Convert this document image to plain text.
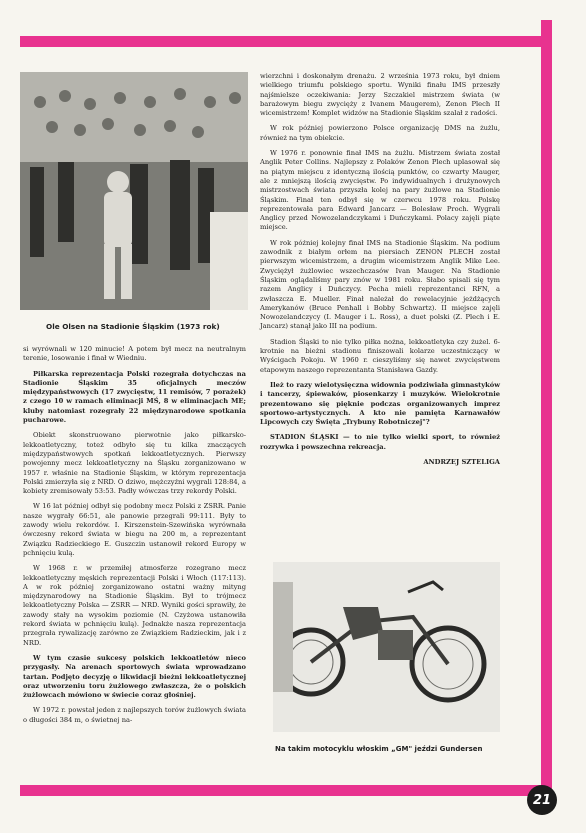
Ole Olsen na Stadionie Śląskim (1973 rok)

si wyrównali w 120 minucie! A potem był mecz na neutralnym terenie, losowanie i finał w Wiedniu.

Piłkarska reprezentacja Polski rozegrała dotychczas na Stadionie Śląskim 35 oficjalnych meczów międzypaństwowych (17 zwycięstw, 11 remisów, 7 porażek) z czego 10 w ramach eliminacji MŚ, 8 w eliminacjach ME; kluby natomiast rozegrały 22 międzynarodowe spotkania pucharowe.

Obiekt skonstruowano pierwotnie jako piłkarsko-lekkoatletyczny, toteż odbyło się tu kilka znaczących międzypaństwowych spotkań lekkoatletycznych. Pierwszy powojenny mecz lekkoatletyczny na Śląsku zorganizowano w 1957 r. właśnie na Stadionie Śląskim, w którym reprezentacja Polski zmierzyła się z NRD. O dziwo, mężczyźni wygrali 128:84, a kobiety zremisowały 53:53. Padły wówczas trzy rekordy Polski.

W 16 lat później odbył się podobny mecz Polski z ZSRR. Panie nasze wygrały 66:51, ale panowie przegrali 99:111. Były to zawody wielu rekordów. I. Kirszenstein-Szewińska wyrównała ówczesny rekord świata w biegu na 200 m, a reprezentant Związku Radzieckiego E. Guszczin ustanowił rekord Europy w pchnięciu kulą.

W 1968 r. w przemiłej atmosferze rozegrano mecz lekkoatletyczny męskich reprezentacji Polski i Włoch (117:113). A w rok później zorganizowano ostatni ważny mityng międzynarodowy na Stadionie Śląskim. Był to trójmecz lekkoatletyczny Polska — ZSRR — NRD. Wyniki gości sprawiły, że zawody stały na wysokim poziomie (N. Czyżowa ustanowiła rekord świata w pchnięciu kulą). Jednakże nasza reprezentacja przegrała rywalizację zarówno ze Związkiem Radzieckim, jak i z NRD.

W tym czasie sukcesy polskich lekkoatletów nieco przygasły. Na arenach sportowych świata wprowadzano tartan. Podjęto decyzję o likwidacji bieżni lekkoatletycznej oraz utworzeniu toru żużlowego zwłaszcza, że o polskich żużlowcach mówiono w świecie coraz głośniej.

W 1972 r. powstał jeden z najlepszych torów żużlowych świata o długości 384 m, o świetnej na-

wierzchni i doskonałym drenażu. 2 września 1973 roku, był dniem wielkiego triumfu polskiego sportu. Wyniki finału IMS przeszły najśmielsze oczekiwania: Jerzy Szczakiel mistrzem świata (w barażowym biegu zwycięży z Ivanem Maugerem), Zenon Plech II wicemistrzem! Komplet widzów na Stadionie Śląskim szalał z radości.

W rok później powierzono Polsce organizację DMS na żużlu, również na tym obiekcie.

W 1976 r. ponownie finał IMS na żużlu. Mistrzem świata został Anglik Peter Collins. Najlepszy z Polaków Zenon Plech uplasował się na piątym miejscu z identyczną ilością punktów, co czwarty Mauger, ale z mniejszą ilością zwycięstw. Po indywidualnych i drużynowych mistrzostwach świata przyszła kolej na pary żużlowe na Stadionie Śląskim. Finał ten odbył się w czerwcu 1978 roku. Polskę reprezentowała para Edward Jancarz — Bolesław Proch. Wygrali Anglicy przed Nowozelandczykami i Duńczykami. Polacy zajęli piąte miejsce.

W rok później kolejny finał IMS na Stadionie Śląskim. Na podium zawodnik z białym orłem na piersiach ZENON PLECH został pierwszym wicemistrzem, a drugim wicemistrzem Anglik Mike Lee. Zwyciężył żużlowiec wszechczasów Ivan Mauger. Na Stadionie Śląskim oglądaliśmy pary znów w 1981 roku. Słabo spisali się tym razem Anglicy i Duńczycy. Pecha mieli reprezentanci RFN, a zwłaszcza E. Mueller. Finał należał do rewelacyjnie jeżdżących Amerykanów (Bruce Penhall i Bobby Schwartz). II miejsce zajęli Nowozelandczycy (I. Mauger i L. Ross), a duet polski (Z. Plech i E. Jancarz) stanął jako III na podium.

Stadion Śląski to nie tylko piłka nożna, lekkoatletyka czy żużel. 6-krotnie na bieżni stadionu finiszowali kolarze uczestniczący w Wyścigach Pokoju. W 1960 r. cieszyliśmy się nawet zwycięstwem etapowym naszego reprezentanta Stanisława Gazdy.

Ileż to razy wielotysięczna widownia podziwiała gimnastyków i tancerzy, śpiewaków, piosenkarzy i muzyków. Wielokrotnie prezentowano się pięknie podczas organizowanych imprez sportowo-artystycznych. A kto nie pamięta Karnawałów Lipcowych czy Święta „Trybuny Robotniczej"?

STADION ŚLĄSKI — to nie tylko wielki sport, to również rozrywka i powszechna rekreacja.

ANDRZEJ SZTELIGA
Na takim motocyklu włoskim „GM" jeździ Gundersen
21
